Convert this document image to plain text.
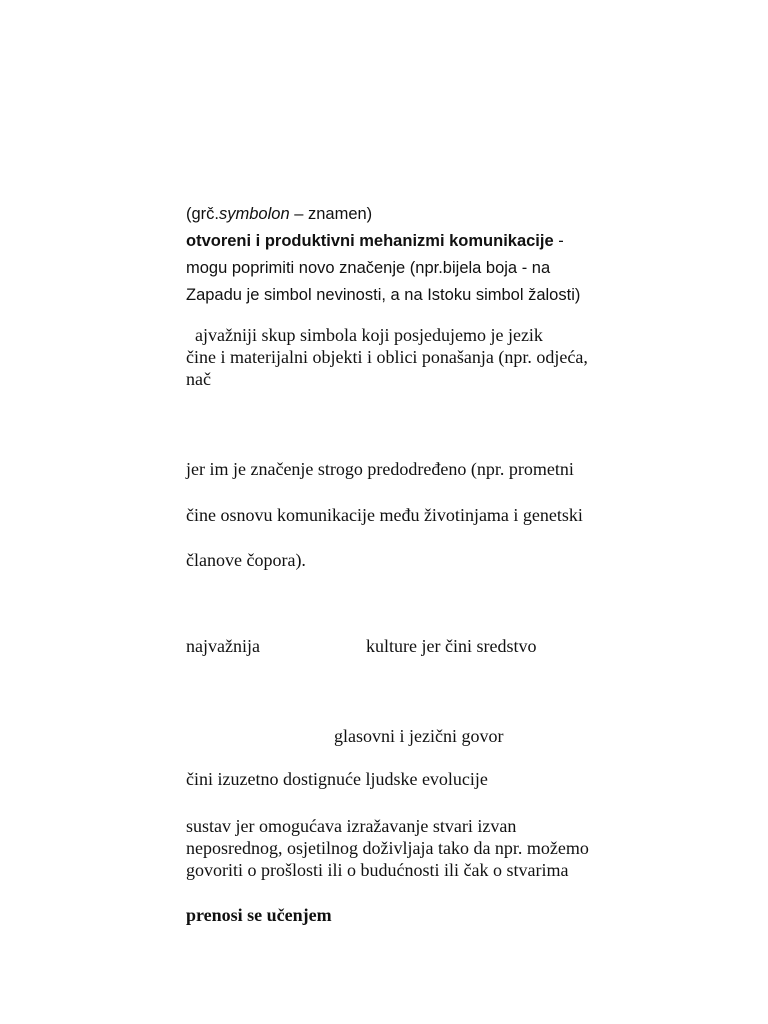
(grč.symbolon – znamen)
otvoreni i produktivni mehanizmi komunikacije -
mogu poprimiti novo značenje (npr.bijela boja - na
Zapadu je simbol nevinosti, a na Istoku simbol žalosti)
ajvažniji skup simbola koji posjedujemo je jezik
čine i materijalni objekti i oblici ponašanja (npr. odjeća,
nač
jer im je značenje strogo predodređeno (npr. prometni
čine osnovu komunikacije među životinjama i genetski
članove čopora).
najvažnija	kulture jer čini sredstvo
glasovni i jezični govor
čini izuzetno dostignuće ljudske evolucije
sustav jer omogućava izražavanje stvari izvan
neposrednog, osjetilnog doživljaja tako da npr. možemo
govoriti o prošlosti ili o budućnosti ili čak o stvarima
prenosi se učenjem
